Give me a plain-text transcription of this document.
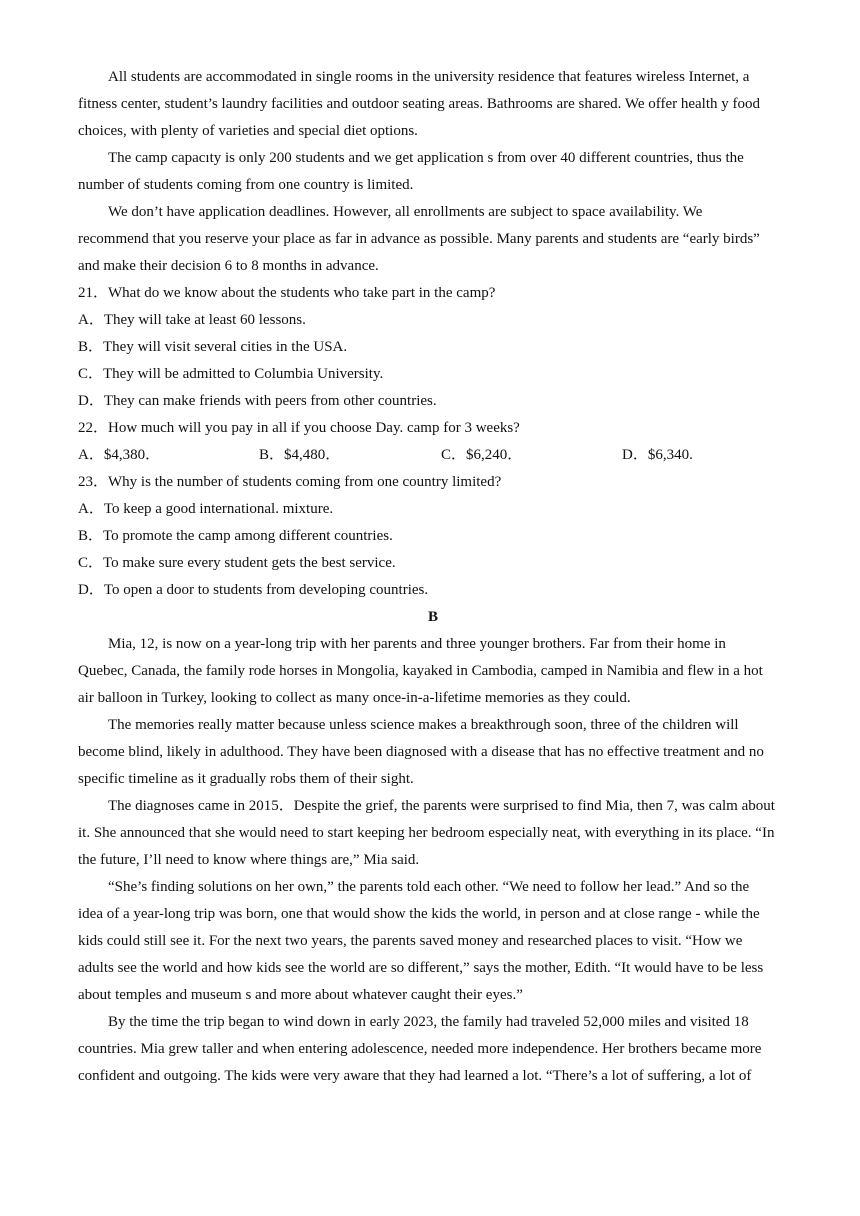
All students are accommodated in single rooms in the university residence that features wireless Internet, a
fitness center, student’s laundry facilities and outdoor seating areas. Bathrooms are shared. We offer health y food
choices, with plenty of varieties and special diet options.
The camp capacıty is only 200 students and we get application s from over 40 different countries, thus the
number of students coming from one country is limited.
We don’t have application deadlines. However, all enrollments are subject to space availability. We
recommend that you reserve your place as far in advance as possible. Many parents and students are “early birds”
and make their decision 6 to 8 months in advance.
21．What do we know about the students who take part in the camp?
A．They will take at least 60 lessons.
B．They will visit several cities in the USA.
C．They will be admitted to Columbia University.
D．They can make friends with peers from other countries.
22．How much will you pay in all if you choose Day. camp for 3 weeks?
A．$4,380．	B．$4,480．	C．$6,240．	D．$6,340.
23．Why is the number of students coming from one country limited?
A．To keep a good international. mixture.
B．To promote the camp among different countries.
C．To make sure every student gets the best service.
D．To open a door to students from developing countries.
B
Mia, 12, is now on a year-long trip with her parents and three younger brothers. Far from their home in
Quebec, Canada, the family rode horses in Mongolia, kayaked in Cambodia, camped in Namibia and flew in a hot
air balloon in Turkey, looking to collect as many once-in-a-lifetime memories as they could.
The memories really matter because unless science makes a breakthrough soon, three of the children will
become blind, likely in adulthood. They have been diagnosed with a disease that has no effective treatment and no
specific timeline as it gradually robs them of their sight.
The diagnoses came in 2015．Despite the grief, the parents were surprised to find Mia, then 7, was calm about
it. She announced that she would need to start keeping her bedroom especially neat, with everything in its place. “In
the future, I’ll need to know where things are,” Mia said.
“She’s finding solutions on her own,” the parents told each other. “We need to follow her lead.” And so the
idea of a year-long trip was born, one that would show the kids the world, in person and at close range - while the
kids could still see it. For the next two years, the parents saved money and researched places to visit. “How we
adults see the world and how kids see the world are so different,” says the mother, Edith. “It would have to be less
about temples and museum s and more about whatever caught their eyes.”
By the time the trip began to wind down in early 2023, the family had traveled 52,000 miles and visited 18
countries. Mia grew taller and when entering adolescence, needed more independence. Her brothers became more
confident and outgoing. The kids were very aware that they had learned a lot. “There’s a lot of suffering, a lot of
